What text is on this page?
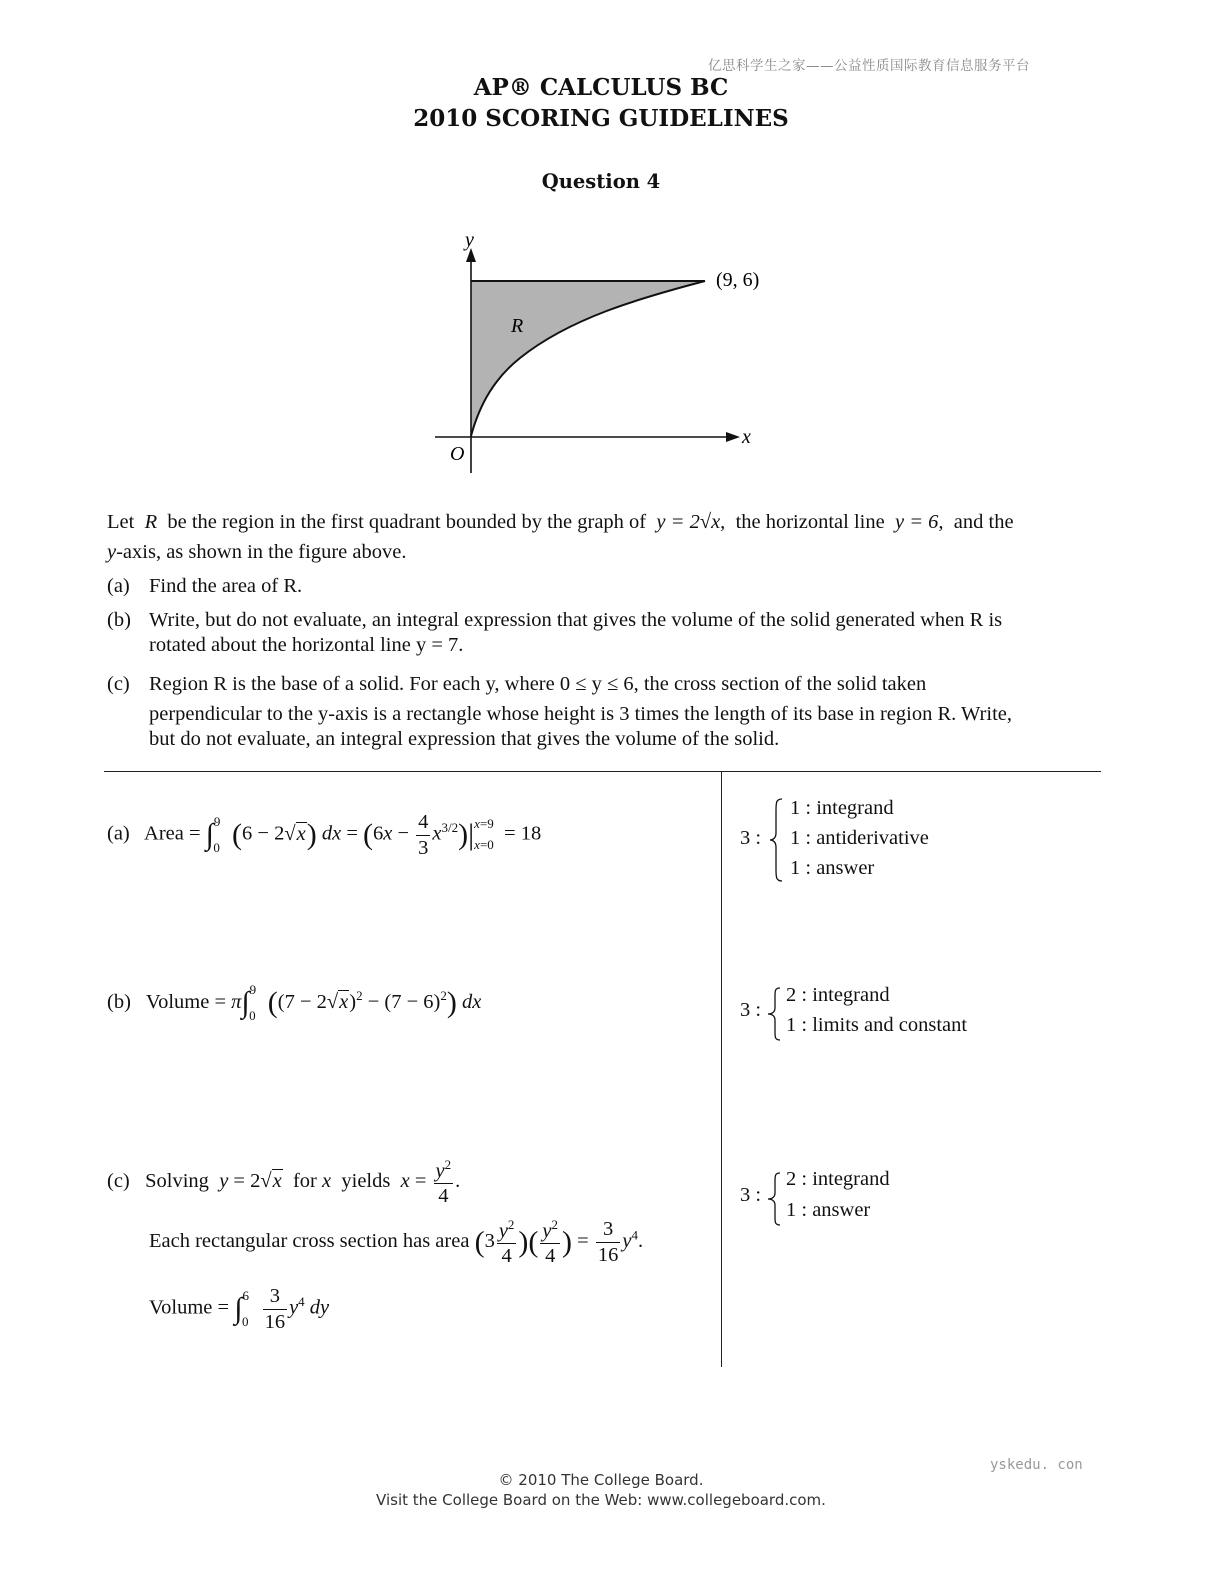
亿思科学生之家——公益性质国际教育信息服务平台
AP® CALCULUS BC
2010 SCORING GUIDELINES
Question 4
y
x
O
R
(9, 6)
Let R be the region in the first quadrant bounded by the graph of y = 2√x, the horizontal line y = 6, and the
y-axis, as shown in the figure above.
(a) Find the area of R.
(b) Write, but do not evaluate, an integral expression that gives the volume of the solid generated when R is
rotated about the horizontal line y = 7.
(c) Region R is the base of a solid. For each y, where 0 ≤ y ≤ 6, the cross section of the solid taken
perpendicular to the y-axis is a rectangle whose height is 3 times the length of its base in region R. Write,
but do not evaluate, an integral expression that gives the volume of the solid.
(a) Area = ∫$^9_0$ (6 − 2√x) dx = $(6x - \frac{4}{3} x^{3/2})|x=9$
x=0 = 18	3 :
1 : integrand
1 : antiderivative
1 : answer
(b) Volume = π∫$^9_0$ $((7 - 2√x)^2 - (7 - 6)^2)$ dx	3 :
2 : integrand
1 : limits and constant
(c) Solving y = 2√x for x yields $x = \frac{y^2}{4}$ .
Each rectangular cross section has area ($3 \frac{y^2}{4}$ )( $\frac{y^2}{4}$ ) = $\frac{3}{16} y^4$.
Volume = $\int^6_0 \frac{3}{16} y^4$ dy
3 :
2 : integrand
1 : answer
yskedu. con
© 2010 The College Board.
Visit the College Board on the Web: www.collegeboard.com.
